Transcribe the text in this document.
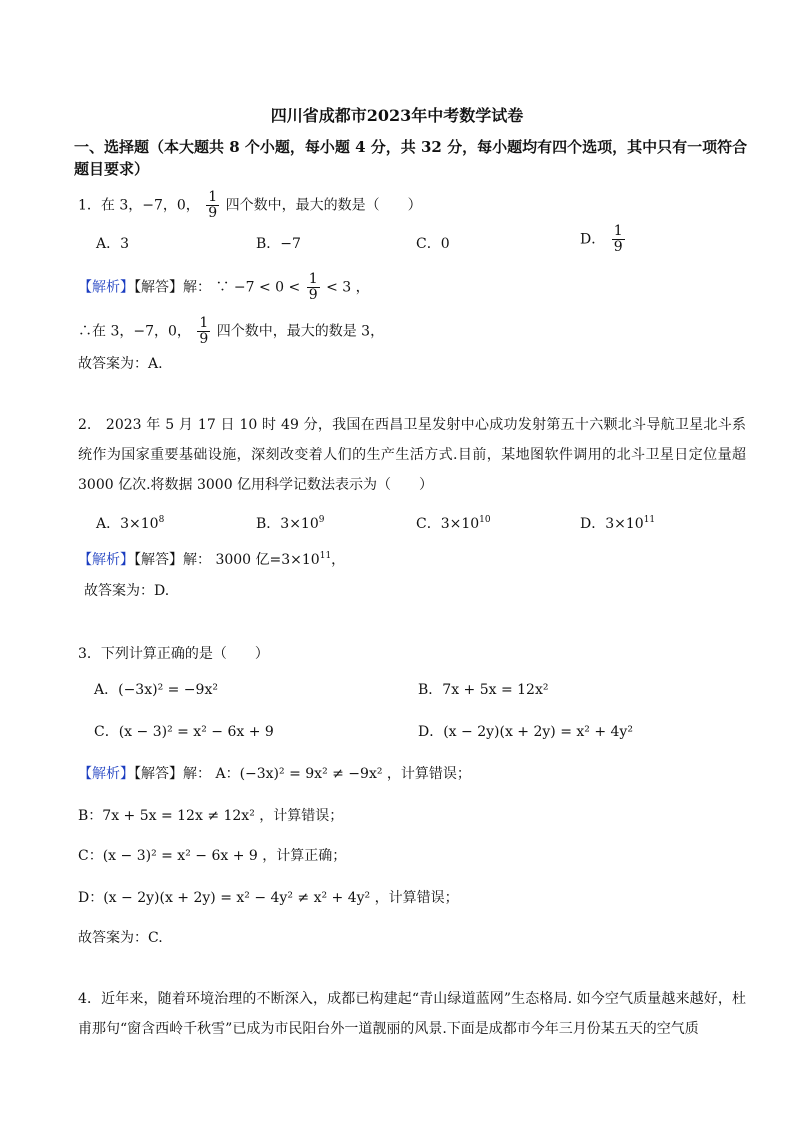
四川省成都市2023年中考数学试卷
一、选择题（本大题共 8 个小题，每小题 4 分，共 32 分，每小题均有四个选项，其中只有一项符合题目要求）
1．在 3，−7，0， $\frac{1}{9}$ 四个数中，最大的数是（　　）
A．3	B．−7	C．0	D． $\frac{1}{9}$
【解析】【解答】解： ∵ $-7 < 0 < \frac{1}{9} < 3$ ，
∴在 3，−7，0， $\frac{1}{9}$ 四个数中，最大的数是 3，
故答案为：A.
2.　2023 年 5 月 17 日 10 时 49 分，我国在西昌卫星发射中心成功发射第五十六颗北斗导航卫星北斗系统作为国家重要基础设施，深刻改变着人们的生产生活方式.目前，某地图软件调用的北斗卫星日定位量超 3000 亿次.将数据 3000 亿用科学记数法表示为（　　）
A．$3\times 10^8$	B．$3\times 10^9$	C．$3\times 10^{10}$	D．$3\times 10^{11}$
【解析】【解答】解： 3000 亿$=3\times 10^{11}$，
故答案为：D.
3．下列计算正确的是（　　）
A．(−3x)² = −9x²	B．7x + 5x = 12x²
C．(x − 3)² = x² − 6x + 9	D．(x − 2y)(x + 2y) = x² + 4y²
【解析】【解答】解： A：(−3x)² = 9x² ≠ −9x² ，计算错误；
B：7x + 5x = 12x ≠ 12x² ，计算错误；
C：(x − 3)² = x² − 6x + 9 ，计算正确；
D：(x − 2y)(x + 2y) = x² − 4y² ≠ x² + 4y² ，计算错误；
故答案为：C.
4．近年来，随着环境治理的不断深入，成都已构建起“青山绿道蓝网”生态格局. 如今空气质量越来越好，杜甫那句“窗含西岭千秋雪”已成为市民阳台外一道靓丽的风景.下面是成都市今年三月份某五天的空气质
